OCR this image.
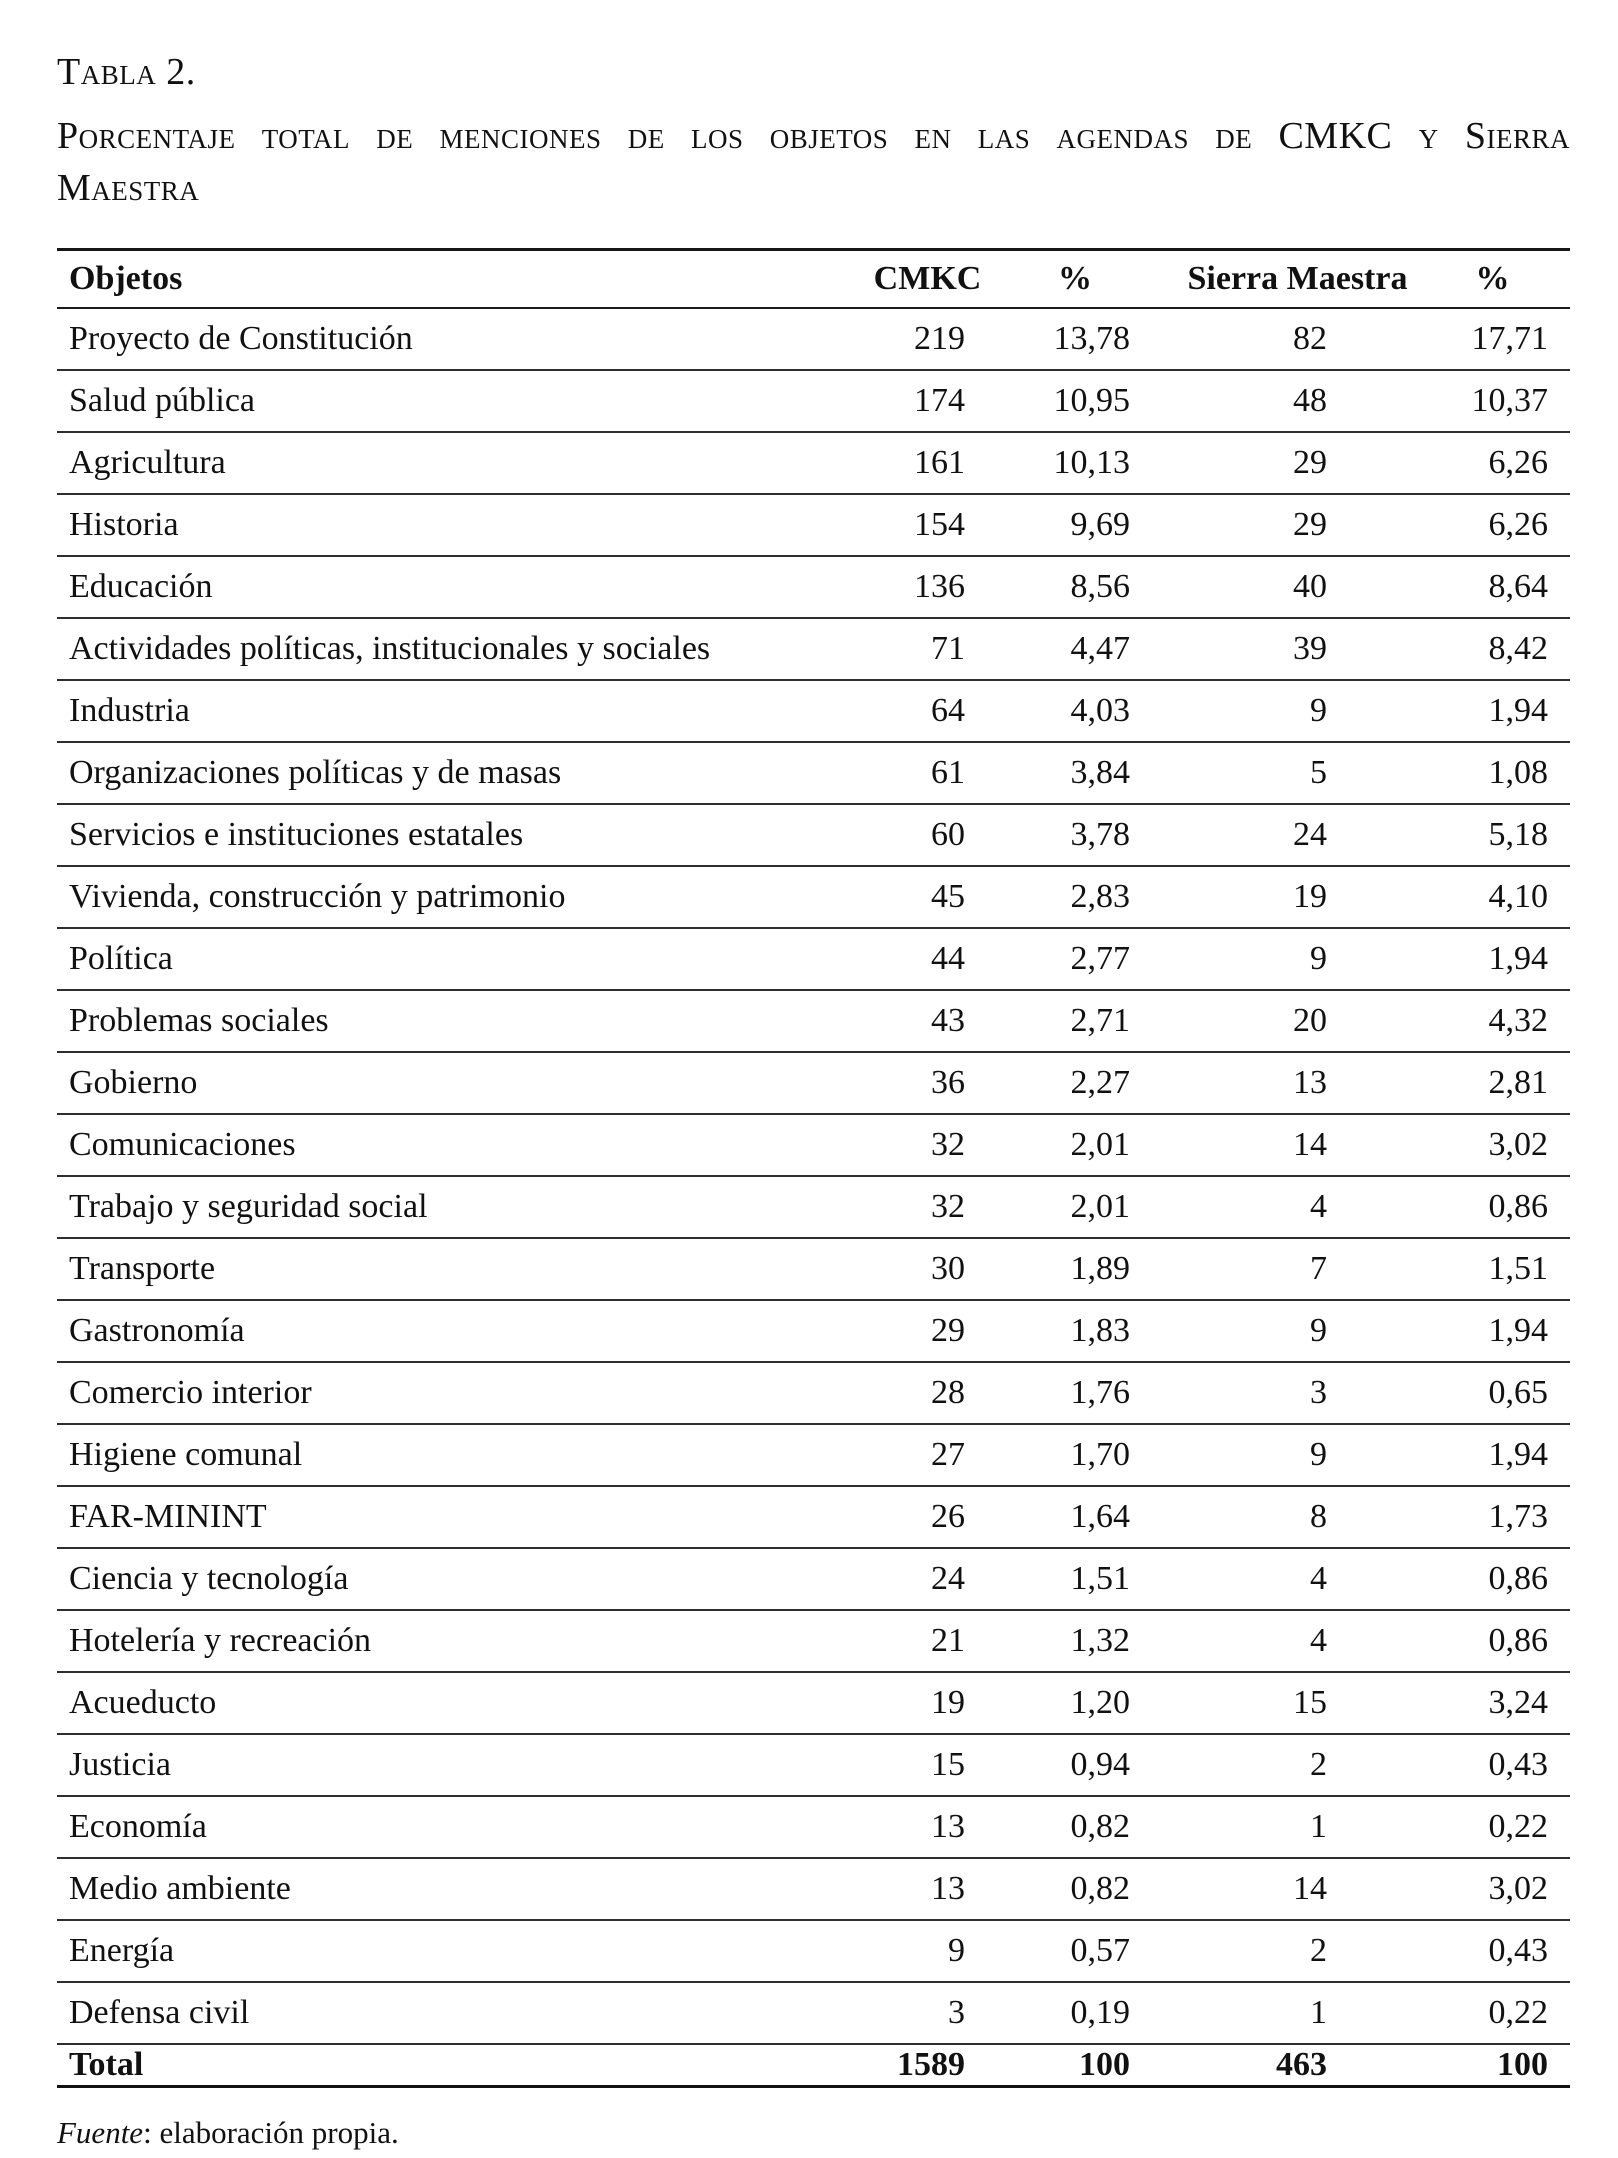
Tabla 2.

Porcentaje total de menciones de los objetos en las agendas de CMKC y Sierra
Maestra
Objetos	CMKC	%	Sierra Maestra	%
Proyecto de Constitución	219	13,78	82	17,71
Salud pública	174	10,95	48	10,37
Agricultura	161	10,13	29	6,26
Historia	154	9,69	29	6,26
Educación	136	8,56	40	8,64
Actividades políticas, institucionales y sociales	71	4,47	39	8,42
Industria	64	4,03	9	1,94
Organizaciones políticas y de masas	61	3,84	5	1,08
Servicios e instituciones estatales	60	3,78	24	5,18
Vivienda, construcción y patrimonio	45	2,83	19	4,10
Política	44	2,77	9	1,94
Problemas sociales	43	2,71	20	4,32
Gobierno	36	2,27	13	2,81
Comunicaciones	32	2,01	14	3,02
Trabajo y seguridad social	32	2,01	4	0,86
Transporte	30	1,89	7	1,51
Gastronomía	29	1,83	9	1,94
Comercio interior	28	1,76	3	0,65
Higiene comunal	27	1,70	9	1,94
FAR-MININT	26	1,64	8	1,73
Ciencia y tecnología	24	1,51	4	0,86
Hotelería y recreación	21	1,32	4	0,86
Acueducto	19	1,20	15	3,24
Justicia	15	0,94	2	0,43
Economía	13	0,82	1	0,22
Medio ambiente	13	0,82	14	3,02
Energía	9	0,57	2	0,43
Defensa civil	3	0,19	1	0,22
Total	1589	100	463	100

Fuente: elaboración propia.
